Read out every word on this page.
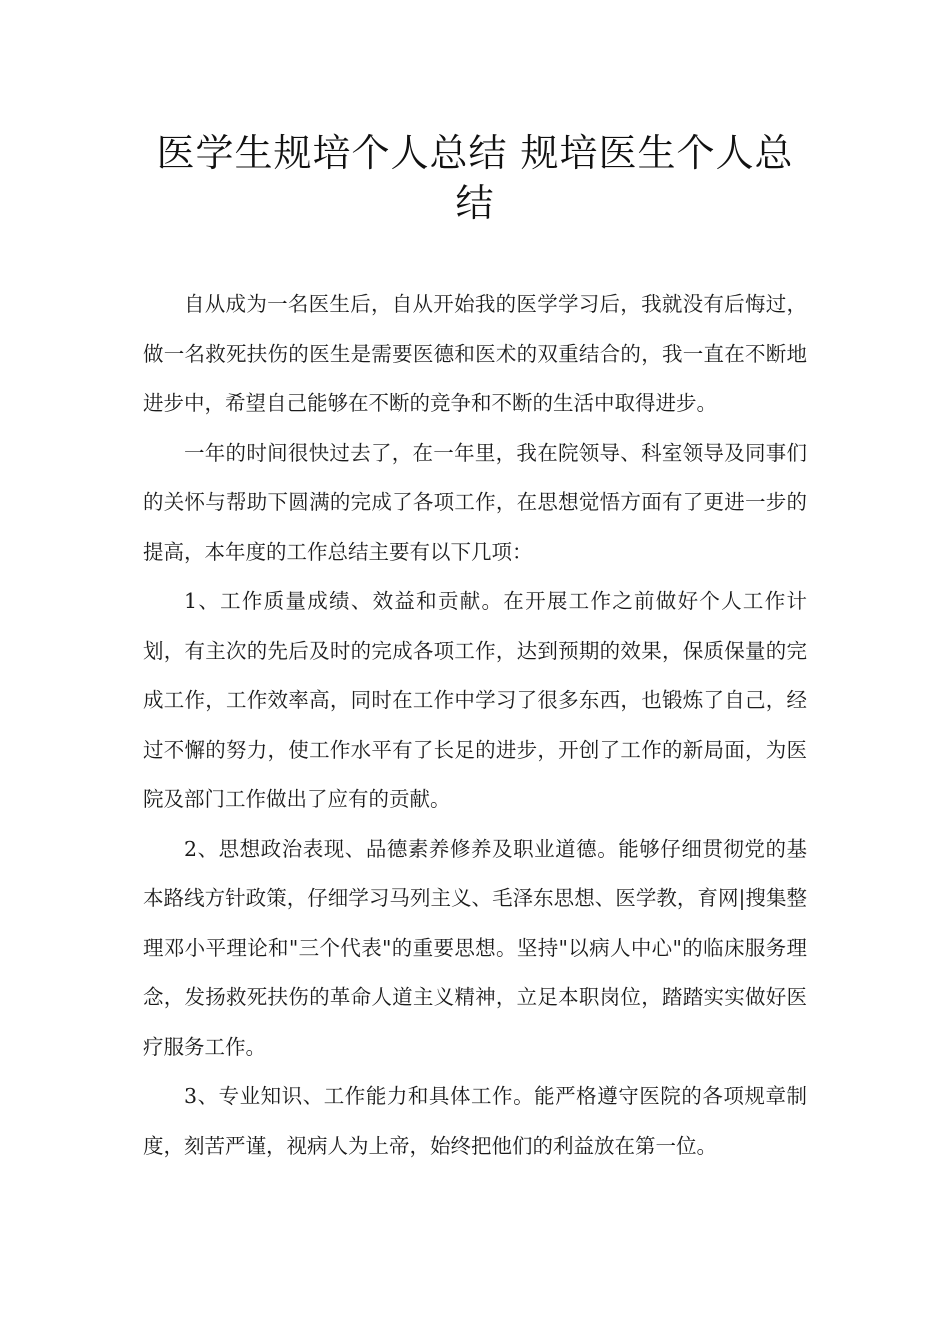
医学生规培个人总结 规培医生个人总结

自从成为一名医生后，自从开始我的医学学习后，我就没有后悔过，做一名救死扶伤的医生是需要医德和医术的双重结合的，我一直在不断地进步中，希望自己能够在不断的竞争和不断的生活中取得进步。

一年的时间很快过去了，在一年里，我在院领导、科室领导及同事们的关怀与帮助下圆满的完成了各项工作，在思想觉悟方面有了更进一步的提高，本年度的工作总结主要有以下几项：

1、工作质量成绩、效益和贡献。在开展工作之前做好个人工作计划，有主次的先后及时的完成各项工作，达到预期的效果，保质保量的完成工作，工作效率高，同时在工作中学习了很多东西，也锻炼了自己，经过不懈的努力，使工作水平有了长足的进步，开创了工作的新局面，为医院及部门工作做出了应有的贡献。

2、思想政治表现、品德素养修养及职业道德。能够仔细贯彻党的基本路线方针政策，仔细学习马列主义、毛泽东思想、医学教，育网|搜集整理邓小平理论和"三个代表"的重要思想。坚持"以病人中心"的临床服务理念，发扬救死扶伤的革命人道主义精神，立足本职岗位，踏踏实实做好医疗服务工作。

3、专业知识、工作能力和具体工作。能严格遵守医院的各项规章制度，刻苦严谨，视病人为上帝，始终把他们的利益放在第一位。
